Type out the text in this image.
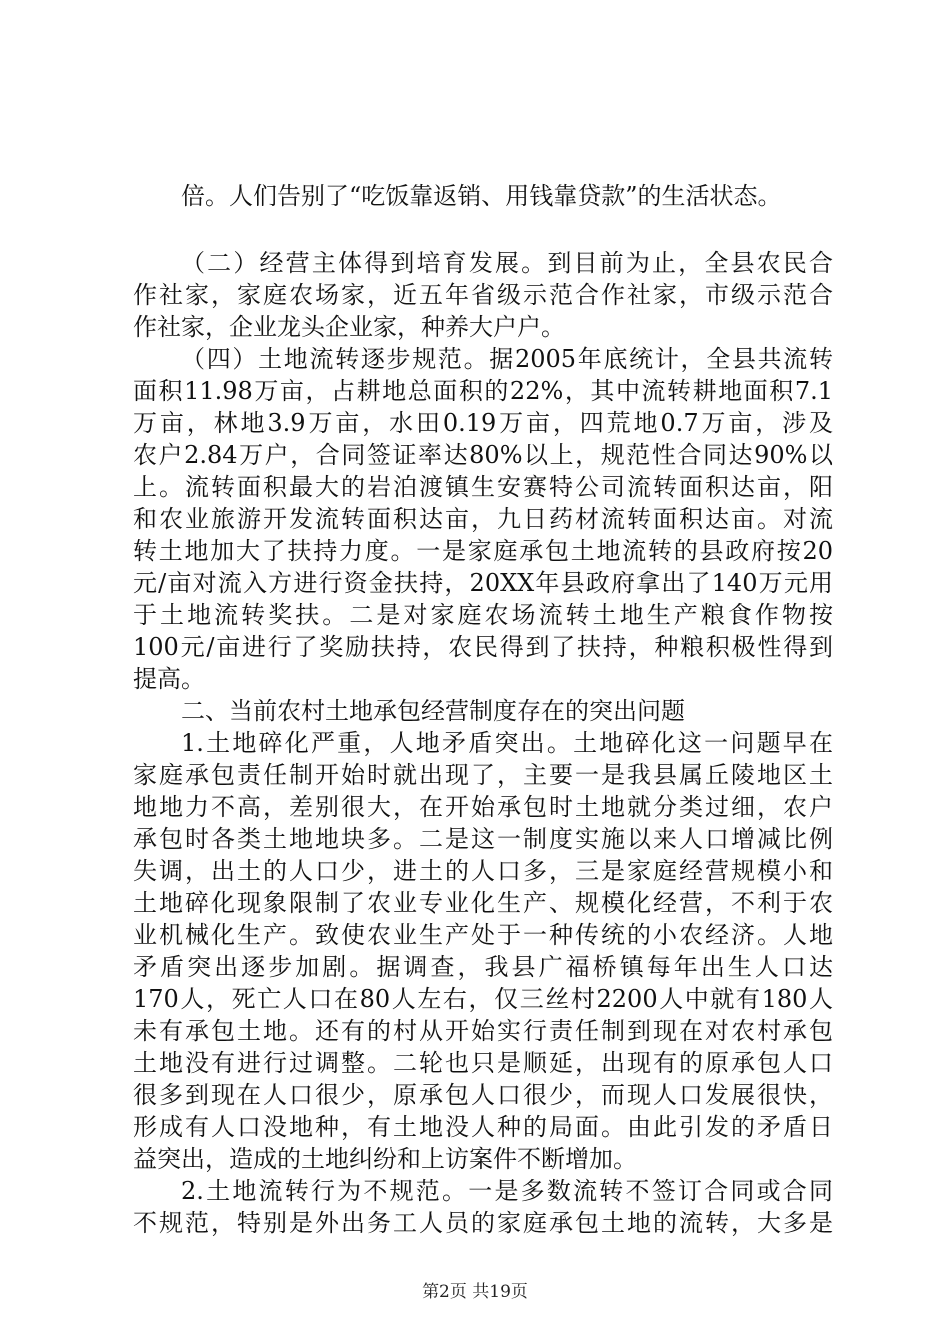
倍。人们告别了“吃饭靠返销、用钱靠贷款”的生活状态。
（二）经营主体得到培育发展。到目前为止，全县农民合
作社家，家庭农场家，近五年省级示范合作社家，市级示范合
作社家，企业龙头企业家，种养大户户。
（四）土地流转逐步规范。据2005年底统计，全县共流转
面积11.98万亩，占耕地总面积的22%，其中流转耕地面积7.1
万亩，林地3.9万亩，水田0.19万亩，四荒地0.7万亩，涉及
农户2.84万户，合同签证率达80%以上，规范性合同达90%以
上。流转面积最大的岩泊渡镇生安赛特公司流转面积达亩，阳
和农业旅游开发流转面积达亩，九日药材流转面积达亩。对流
转土地加大了扶持力度。一是家庭承包土地流转的县政府按20
元/亩对流入方进行资金扶持，20XX年县政府拿出了140万元用
于土地流转奖扶。二是对家庭农场流转土地生产粮食作物按
100元/亩进行了奖励扶持，农民得到了扶持，种粮积极性得到
提高。
二、当前农村土地承包经营制度存在的突出问题
1.土地碎化严重，人地矛盾突出。土地碎化这一问题早在
家庭承包责任制开始时就出现了，主要一是我县属丘陵地区土
地地力不高，差别很大，在开始承包时土地就分类过细，农户
承包时各类土地地块多。二是这一制度实施以来人口增减比例
失调，出土的人口少，进土的人口多，三是家庭经营规模小和
土地碎化现象限制了农业专业化生产、规模化经营，不利于农
业机械化生产。致使农业生产处于一种传统的小农经济。人地
矛盾突出逐步加剧。据调查，我县广福桥镇每年出生人口达
170人，死亡人口在80人左右，仅三丝村2200人中就有180人
未有承包土地。还有的村从开始实行责任制到现在对农村承包
土地没有进行过调整。二轮也只是顺延，出现有的原承包人口
很多到现在人口很少，原承包人口很少，而现人口发展很快，
形成有人口没地种，有土地没人种的局面。由此引发的矛盾日
益突出，造成的土地纠纷和上访案件不断增加。
2.土地流转行为不规范。一是多数流转不签订合同或合同
不规范，特别是外出务工人员的家庭承包土地的流转，大多是
第2页 共19页
